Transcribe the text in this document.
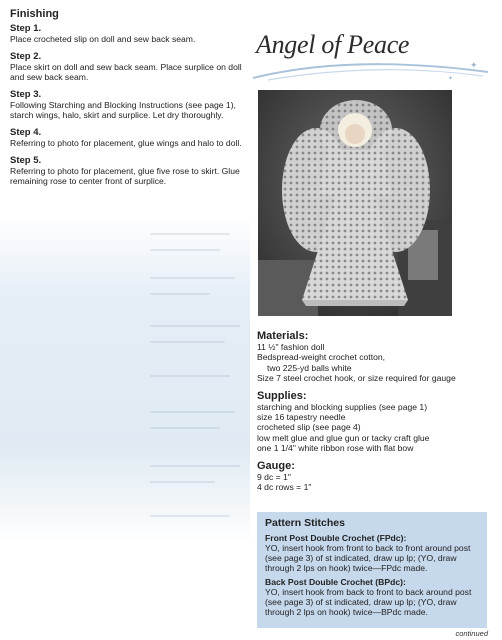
Finishing
Step 1.
Place crocheted slip on doll and sew back seam.
Step 2.
Place skirt on doll and sew back seam. Place surplice on doll and sew back seam.
Step 3.
Following Starching and Blocking Instructions (see page 1), starch wings, halo, skirt and surplice. Let dry thoroughly.
Step 4.
Referring to photo for placement, glue wings and halo to doll.
Step 5.
Referring to photo for placement, glue five rose to skirt. Glue remaining rose to center front of surplice.
Angel of Peace
✦
✦
Materials:
11 ½" fashion doll
Bedspread-weight crochet cotton,
two 225-yd balls white
Size 7 steel crochet hook, or size required for gauge
Supplies:
starching and blocking supplies (see page 1)
size 16 tapestry needle
crocheted slip (see page 4)
low melt glue and glue gun or tacky craft glue
one 1 1/4" white ribbon rose with flat bow
Gauge:
9 dc = 1"
4 dc rows = 1"
Pattern Stitches
Front Post Double Crochet (FPdc):
YO, insert hook from front to back to front around post (see page 3) of st indicated, draw up lp; (YO, draw through 2 lps on hook) twice—FPdc made.
Back Post Double Crochet (BPdc):
YO, insert hook from back to front to back around post (see page 3) of st indicated, draw up lp; (YO, draw through 2 lps on hook) twice—BPdc made.
continued
